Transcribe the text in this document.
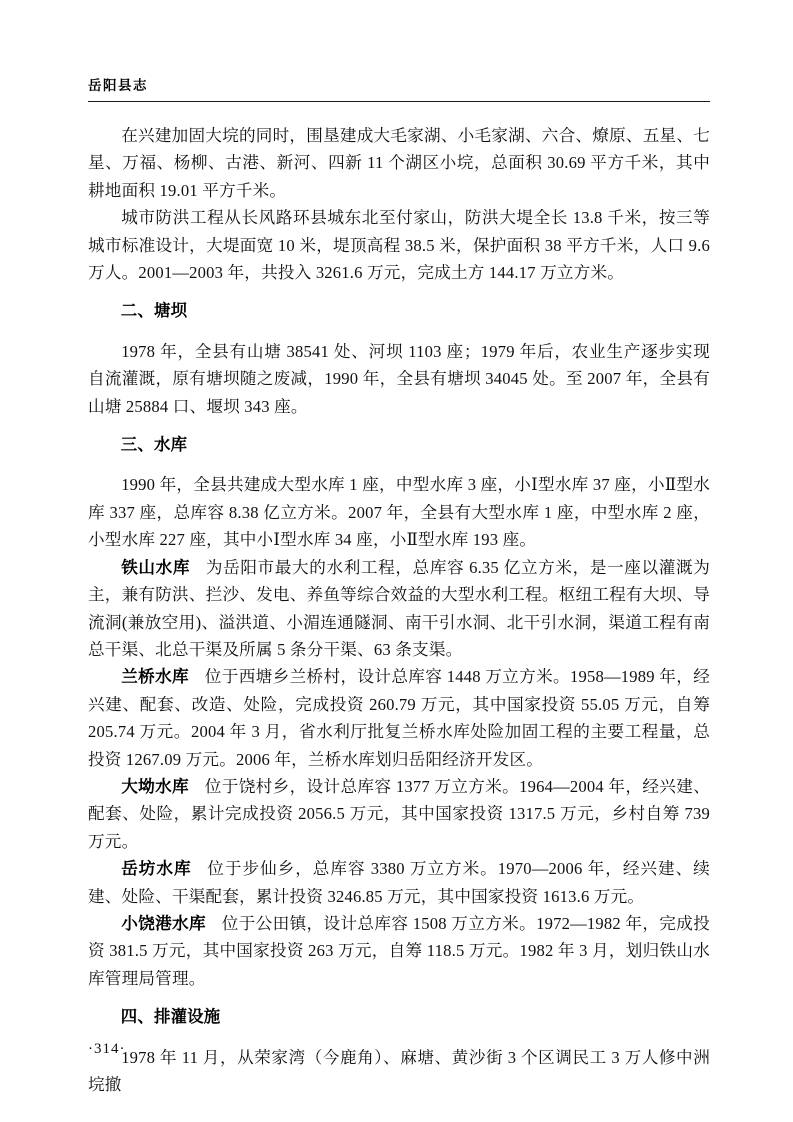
岳阳县志

在兴建加固大垸的同时，围垦建成大毛家湖、小毛家湖、六合、燎原、五星、七星、万福、杨柳、古港、新河、四新 11 个湖区小垸，总面积 30.69 平方千米，其中耕地面积 19.01 平方千米。

城市防洪工程从长风路环县城东北至付家山，防洪大堤全长 13.8 千米，按三等城市标准设计，大堤面宽 10 米，堤顶高程 38.5 米，保护面积 38 平方千米，人口 9.6 万人。2001—2003 年，共投入 3261.6 万元，完成土方 144.17 万立方米。

二、塘坝

1978 年，全县有山塘 38541 处、河坝 1103 座；1979 年后，农业生产逐步实现自流灌溉，原有塘坝随之废减，1990 年，全县有塘坝 34045 处。至 2007 年，全县有山塘 25884 口、堰坝 343 座。

三、水库

1990 年，全县共建成大型水库 1 座，中型水库 3 座，小Ⅰ型水库 37 座，小Ⅱ型水库 337 座，总库容 8.38 亿立方米。2007 年，全县有大型水库 1 座，中型水库 2 座，小型水库 227 座，其中小Ⅰ型水库 34 座，小Ⅱ型水库 193 座。

铁山水库 为岳阳市最大的水利工程，总库容 6.35 亿立方米，是一座以灌溉为主，兼有防洪、拦沙、发电、养鱼等综合效益的大型水利工程。枢纽工程有大坝、导流洞(兼放空用)、溢洪道、小湄连通隧洞、南干引水洞、北干引水洞，渠道工程有南总干渠、北总干渠及所属 5 条分干渠、63 条支渠。

兰桥水库 位于西塘乡兰桥村，设计总库容 1448 万立方米。1958—1989 年，经兴建、配套、改造、处险，完成投资 260.79 万元，其中国家投资 55.05 万元，自筹 205.74 万元。2004 年 3 月，省水利厅批复兰桥水库处险加固工程的主要工程量，总投资 1267.09 万元。2006 年，兰桥水库划归岳阳经济开发区。

大坳水库 位于饶村乡，设计总库容 1377 万立方米。1964—2004 年，经兴建、配套、处险，累计完成投资 2056.5 万元，其中国家投资 1317.5 万元，乡村自筹 739 万元。

岳坊水库 位于步仙乡，总库容 3380 万立方米。1970—2006 年，经兴建、续建、处险、干渠配套，累计投资 3246.85 万元，其中国家投资 1613.6 万元。

小饶港水库 位于公田镇，设计总库容 1508 万立方米。1972—1982 年，完成投资 381.5 万元，其中国家投资 263 万元，自筹 118.5 万元。1982 年 3 月，划归铁山水库管理局管理。

四、排灌设施

1978 年 11 月，从荣家湾（今鹿角）、麻塘、黄沙街 3 个区调民工 3 万人修中洲垸撤

·314·
